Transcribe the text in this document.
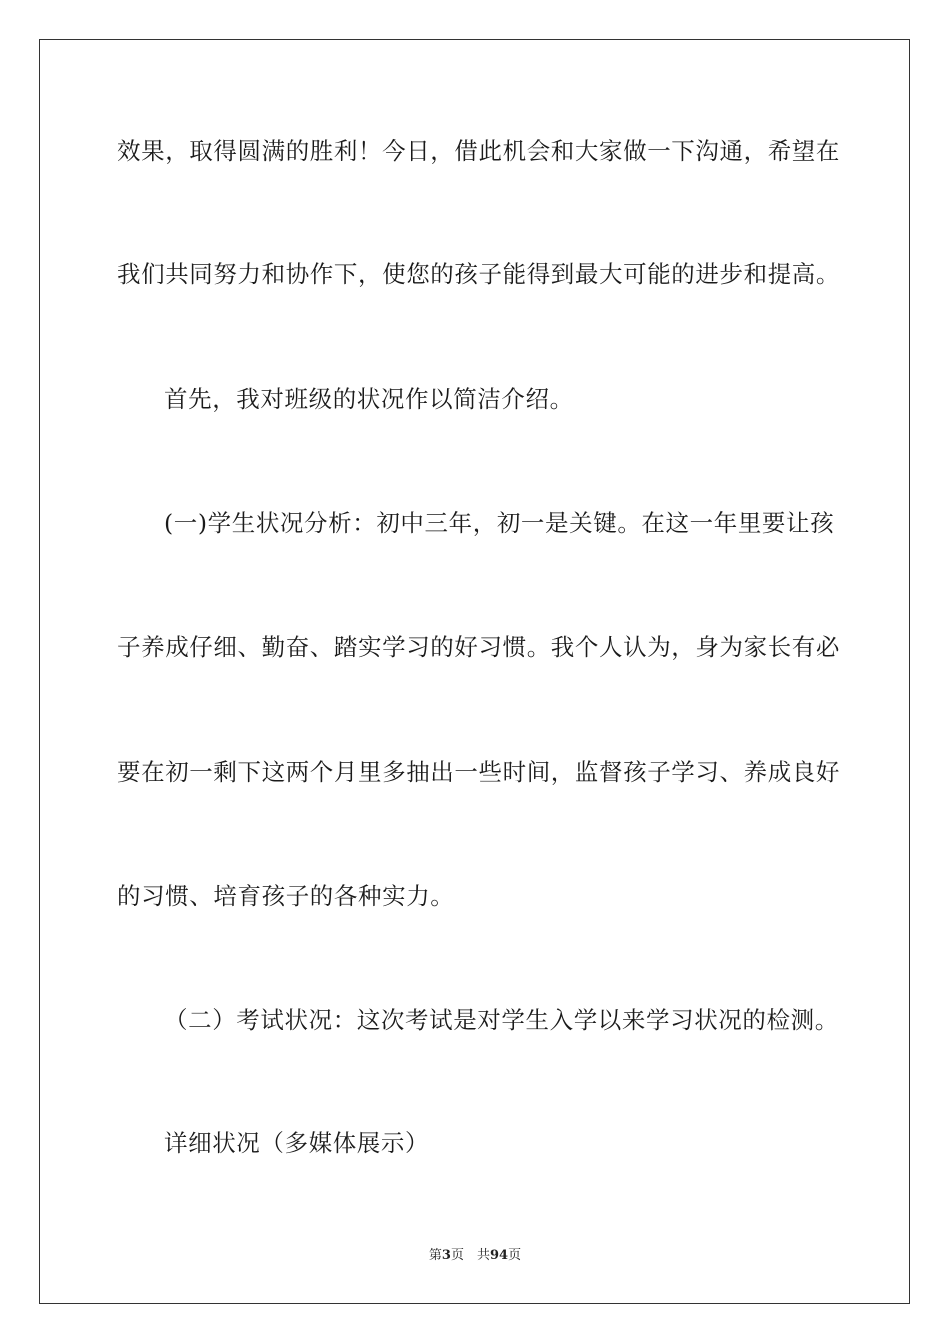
效果，取得圆满的胜利！今日，借此机会和大家做一下沟通，希望在
我们共同努力和协作下，使您的孩子能得到最大可能的进步和提高。
首先，我对班级的状况作以简洁介绍。
(一)学生状况分析：初中三年，初一是关键。在这一年里要让孩
子养成仔细、勤奋、踏实学习的好习惯。我个人认为，身为家长有必
要在初一剩下这两个月里多抽出一些时间，监督孩子学习、养成良好
的习惯、培育孩子的各种实力。
（二）考试状况：这次考试是对学生入学以来学习状况的检测。
详细状况（多媒体展示）
第3页　共94页
